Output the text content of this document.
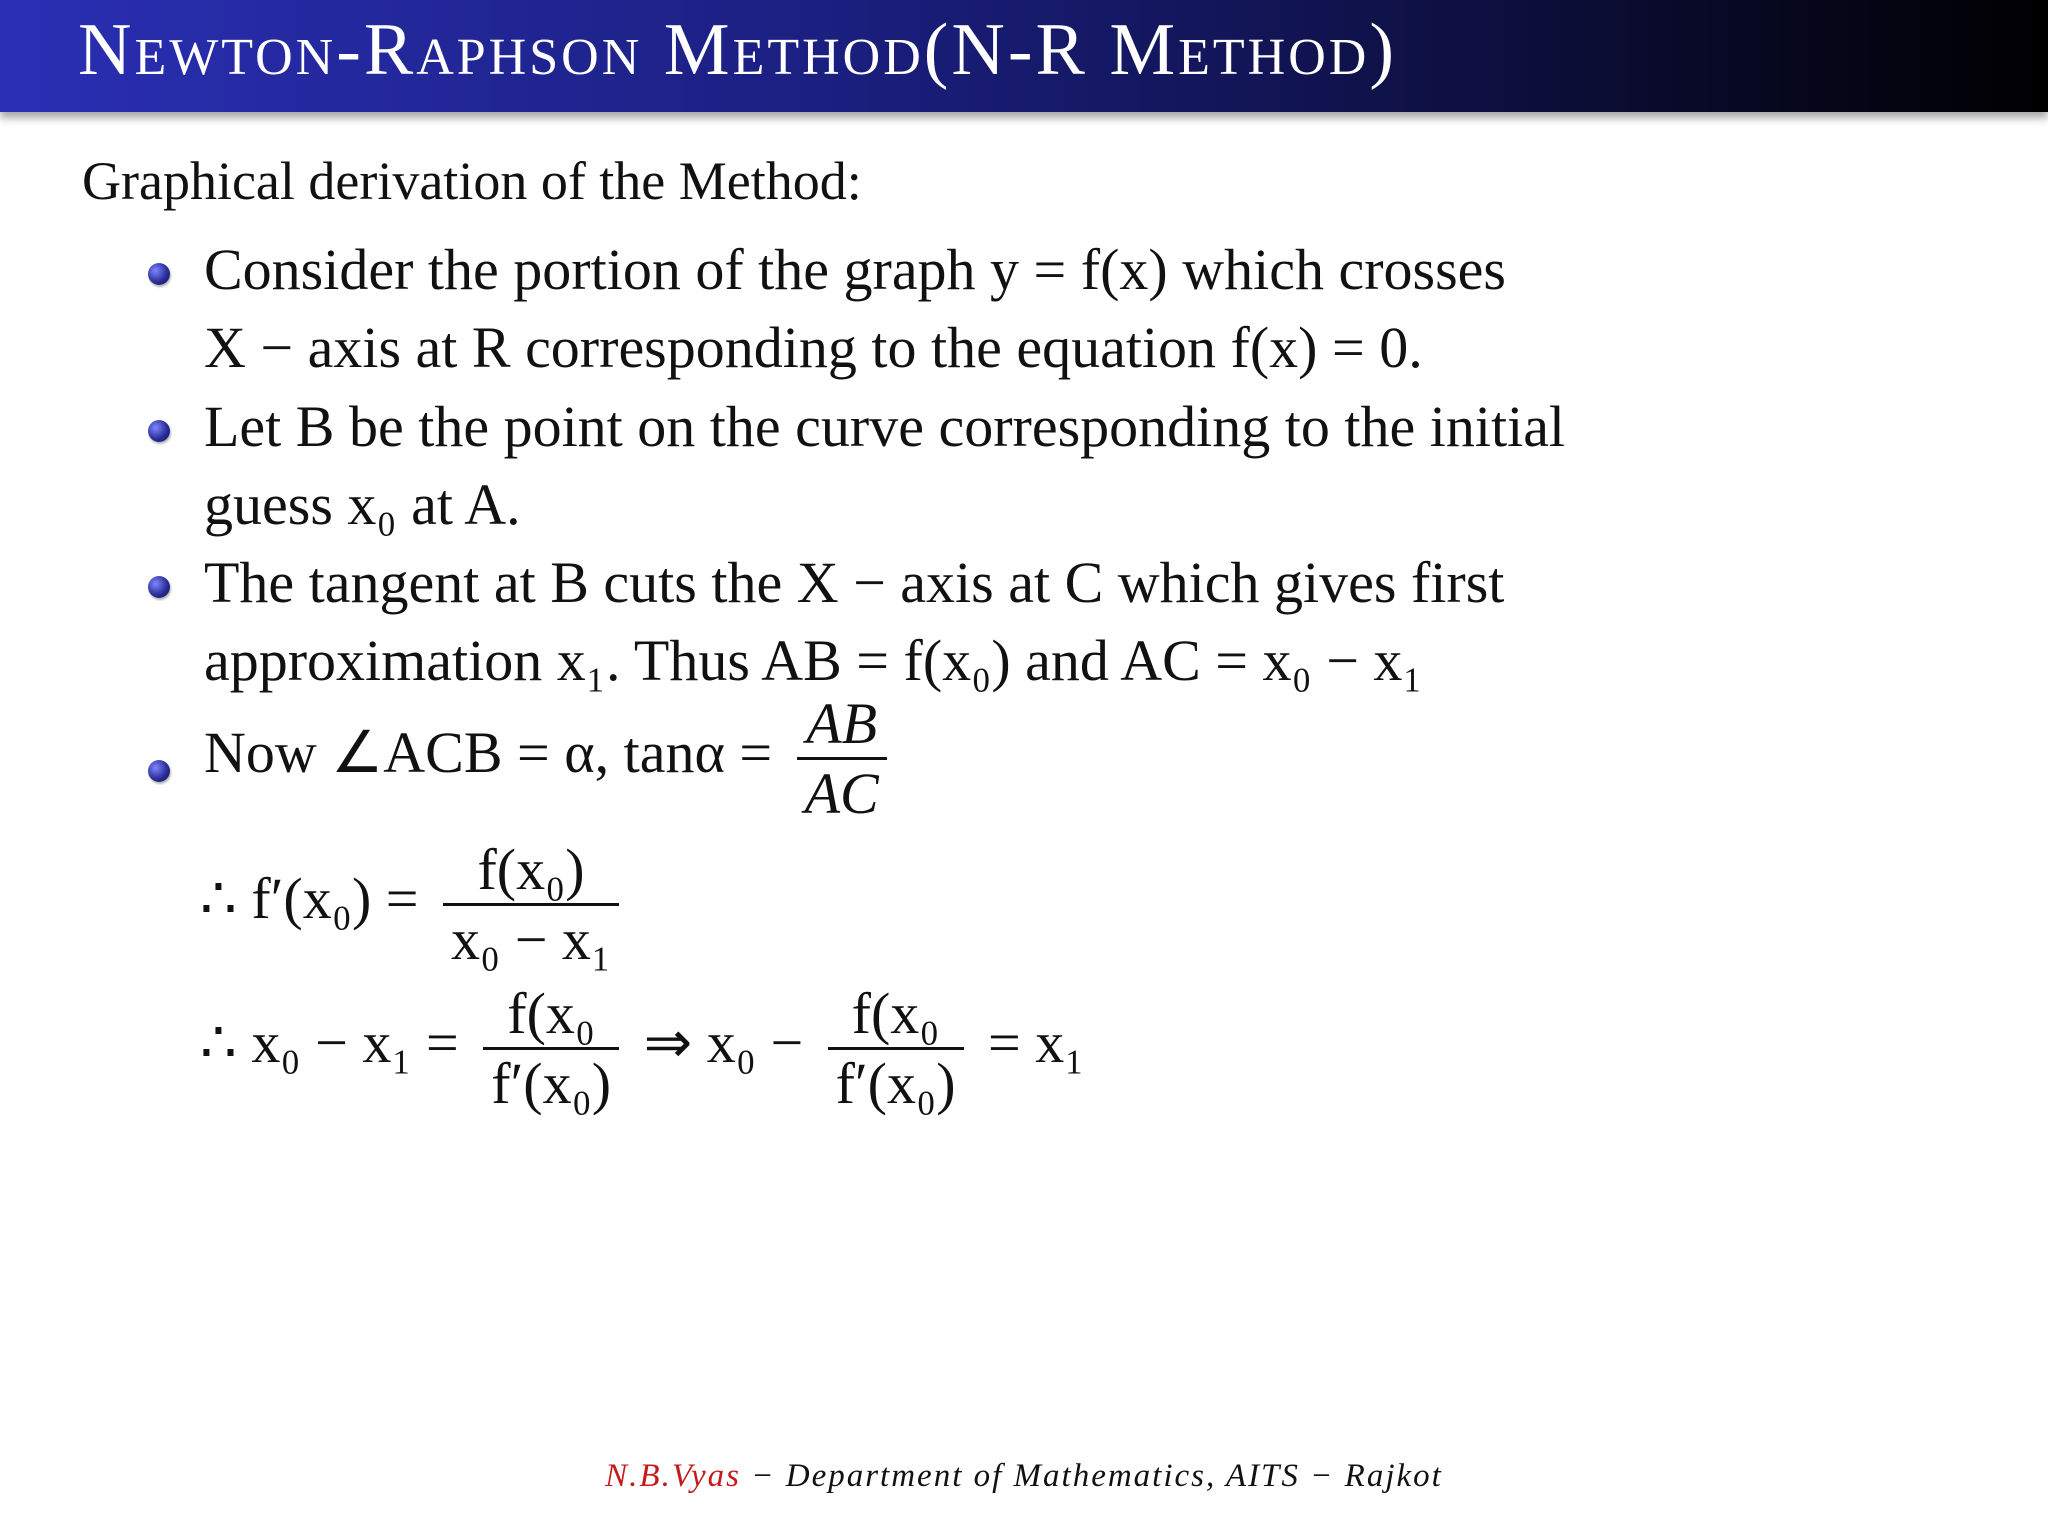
Newton-Raphson Method(N-R Method)
Graphical derivation of the Method:
Consider the portion of the graph y = f(x) which crosses
X − axis at R corresponding to the equation f(x) = 0.
Let B be the point on the curve corresponding to the initial
guess x₀ at A.
The tangent at B cuts the X − axis at C which gives first
approximation x₁. Thus AB = f(x₀) and AC = x₀ − x₁
Now ∠ACB = α, $\tan\alpha = \frac{AB}{AC}$
∴ $f'(x_0) = \frac{\text{f(x₀)}}{\text{x₀ − x₁}}$
∴ $x_0 - x_1 = \frac{\text{f(x₀}}{\text{f′(x₀)}}$ ⇒ $x_0 - \frac{\text{f(x₀}}{\text{f′(x₀)}} = x_1$
N.B.Vyas − Department of Mathematics, AITS − Rajkot
